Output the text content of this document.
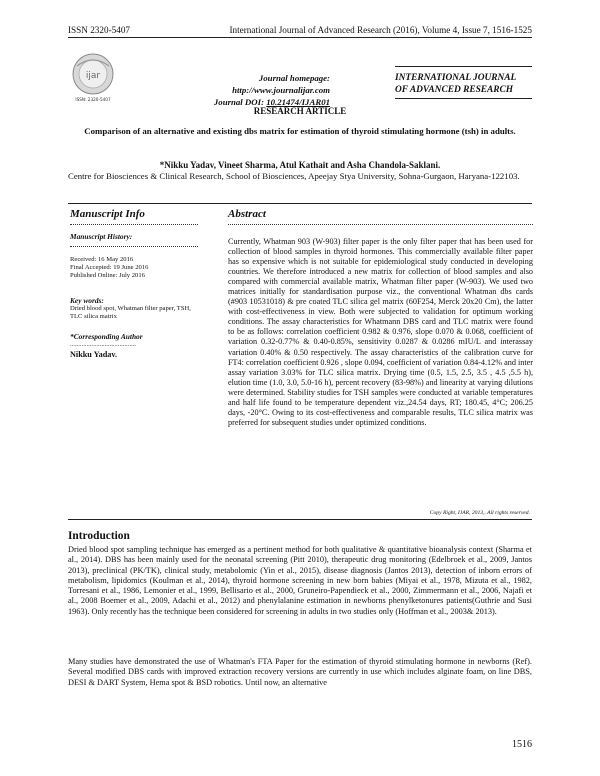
ISSN 2320-5407	International Journal of Advanced Research (2016), Volume 4, Issue 7, 1516-1525
ijar
ISSN: 2320-5407
Journal homepage: http://www.journalijar.com
Journal DOI: 10.21474/IJAR01
INTERNATIONAL JOURNAL
OF ADVANCED RESEARCH
RESEARCH ARTICLE
Comparison of an alternative and existing dbs matrix for estimation of thyroid stimulating hormone (tsh) in adults.
*Nikku Yadav, Vineet Sharma, Atul Kathait and Asha Chandola-Saklani.
Centre for Biosciences & Clinical Research, School of Biosciences, Apeejay Stya University, Sohna-Gurgaon, Haryana-122103.
Manuscript Info	Abstract
Manuscript History:
Received: 16 May 2016
Final Accepted: 19 June 2016
Published Online: July 2016
Key words:
Dried blood spot, Whatman filter paper, TSH, TLC silica matrix
*Corresponding Author
........................................
Nikku Yadav.
Currently, Whatman 903 (W-903) filter paper is the only filter paper that has been used for collection of blood samples in thyroid hormones. This commercially available filter paper has so expensive which is not suitable for epidemiological study conducted in developing countries. We therefore introduced a new matrix for collection of blood samples and also compared with commercial available matrix, Whatman filter paper (W-903). We used two matrices initially for standardisation purpose viz., the conventional Whatman dbs cards (#903 10531018) & pre coated TLC silica gel matrix (60F254, Merck 20x20 Cm), the latter with cost-effectiveness in view. Both were subjected to validation for optimum working conditions. The assay characteristics for Whatmann DBS card and TLC matrix were found to be as follows: correlation coefficient 0.982 & 0.976, slope 0.070 & 0.068, coefficient of variation 0.32-0.77% & 0.40-0.85%, sensitivity 0.0287 & 0.0286 mIU/L and interassay variation 0.40% & 0.50 respectively. The assay characteristics of the calibration curve for FT4: correlation coefficient 0.926 , slope 0.094, coefficient of variation 0.84-4.12% and inter assay variation 3.03% for TLC silica matrix. Drying time (0.5, 1.5, 2.5, 3.5 , 4.5 ,5.5 h), elution time (1.0, 3.0, 5.0-16 h), percent recovery (83-98%) and linearity at varying dilutions were determined. Stability studies for TSH samples were conducted at variable temperatures and half life found to be temperature dependent viz.,24.54 days, RT; 180.45, 4°C; 206.25 days, -20°C. Owing to its cost-effectiveness and comparable results, TLC silica matrix was preferred for subsequent studies under optimized conditions.
Copy Right, IJAR, 2013,. All rights reserved.
Introduction
Dried blood spot sampling technique has emerged as a pertinent method for both qualitative & quantitative bioanalysis context (Sharma et al., 2014). DBS has been mainly used for the neonatal screening (Pitt 2010), therapeutic drug monitoring (Edelbroek et al., 2009, Jantos 2013), preclinical (PK/TK), clinical study, metabolomic (Yin et al., 2015), disease diagnosis (Jantos 2013), detection of inborn errors of metabolism, lipidomics (Koulman et al., 2014), thyroid hormone screening in new born babies (Miyai et al., 1978, Mizuta et al., 1982, Torresani et al., 1986, Lemonier et al., 1999, Bellisario et al., 2000, Gruneiro-Papendieck et al., 2000, Zimmermann et al., 2006, Najafi et al., 2008 Boemer et al., 2009, Adachi et al., 2012) and phenylalanine estimation in newborns phenylketonures patients(Guthrie and Susi 1963). Only recently has the technique been considered for screening in adults in two studies only (Hoffman et al., 2003& 2013).
Many studies have demonstrated the use of Whatman's FTA Paper for the estimation of thyroid stimulating hormone in newborns (Ref). Several modified DBS cards with improved extraction recovery versions are currently in use which includes alginate foam, on line DBS, DESI & DART System, Hema spot & BSD robotics. Until now, an alternative
1516
